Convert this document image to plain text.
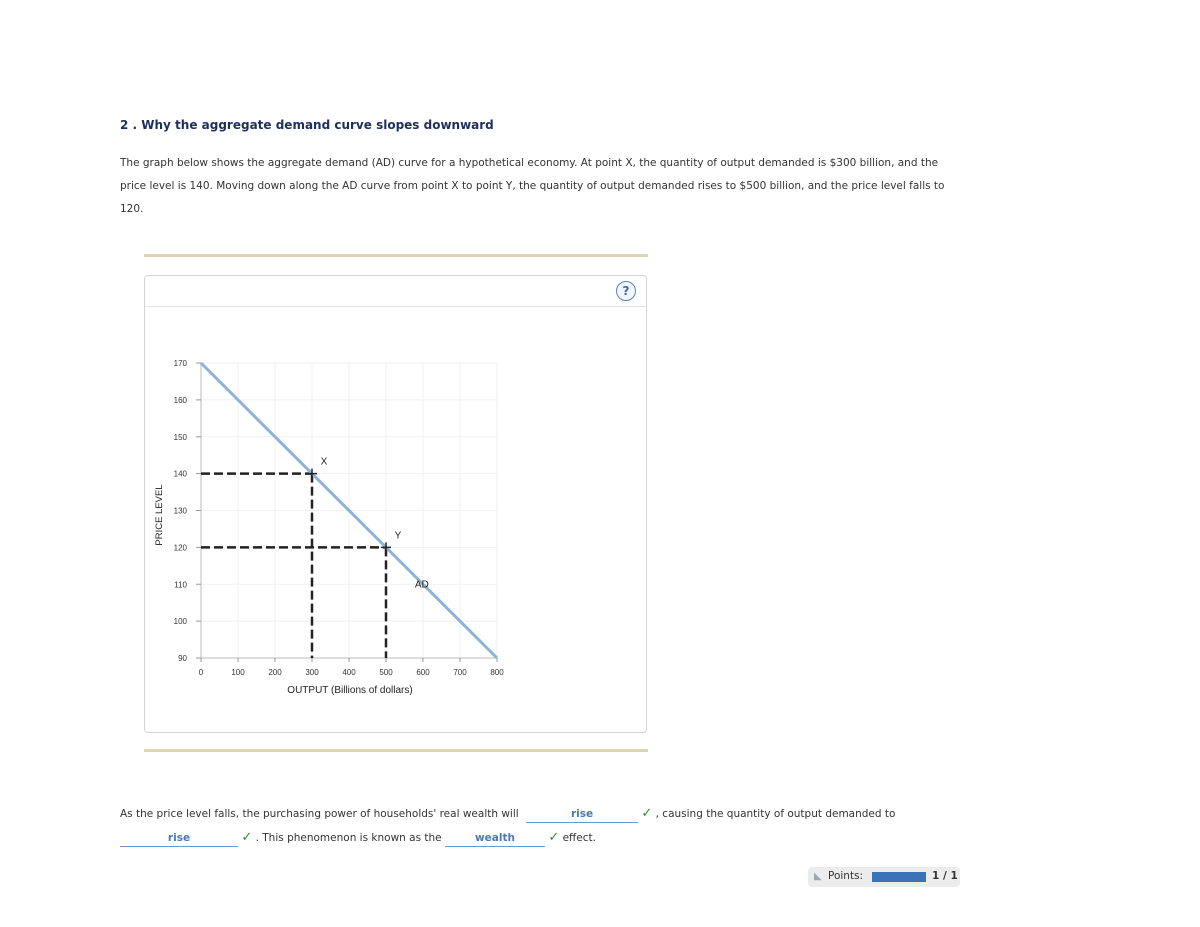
2 . Why the aggregate demand curve slopes downward
The graph below shows the aggregate demand (AD) curve for a hypothetical economy. At point X, the quantity of output demanded is $300 billion, and the price level is 140. Moving down along the AD curve from point X to point Y, the quantity of output demanded rises to $500 billion, and the price level falls to 120.
?
90
100
110
120
130
140
150
160
170
0	100	200	300	400	500	600	700	800
X
Y
AD
OUTPUT (Billions of dollars)
PRICE LEVEL
As the price level falls, the purchasing power of households' real wealth will	rise	✓ , causing the quantity of output demanded to
rise	✓ . This phenomenon is known as the	wealth	✓ effect.
◣ Points:	1 / 1
